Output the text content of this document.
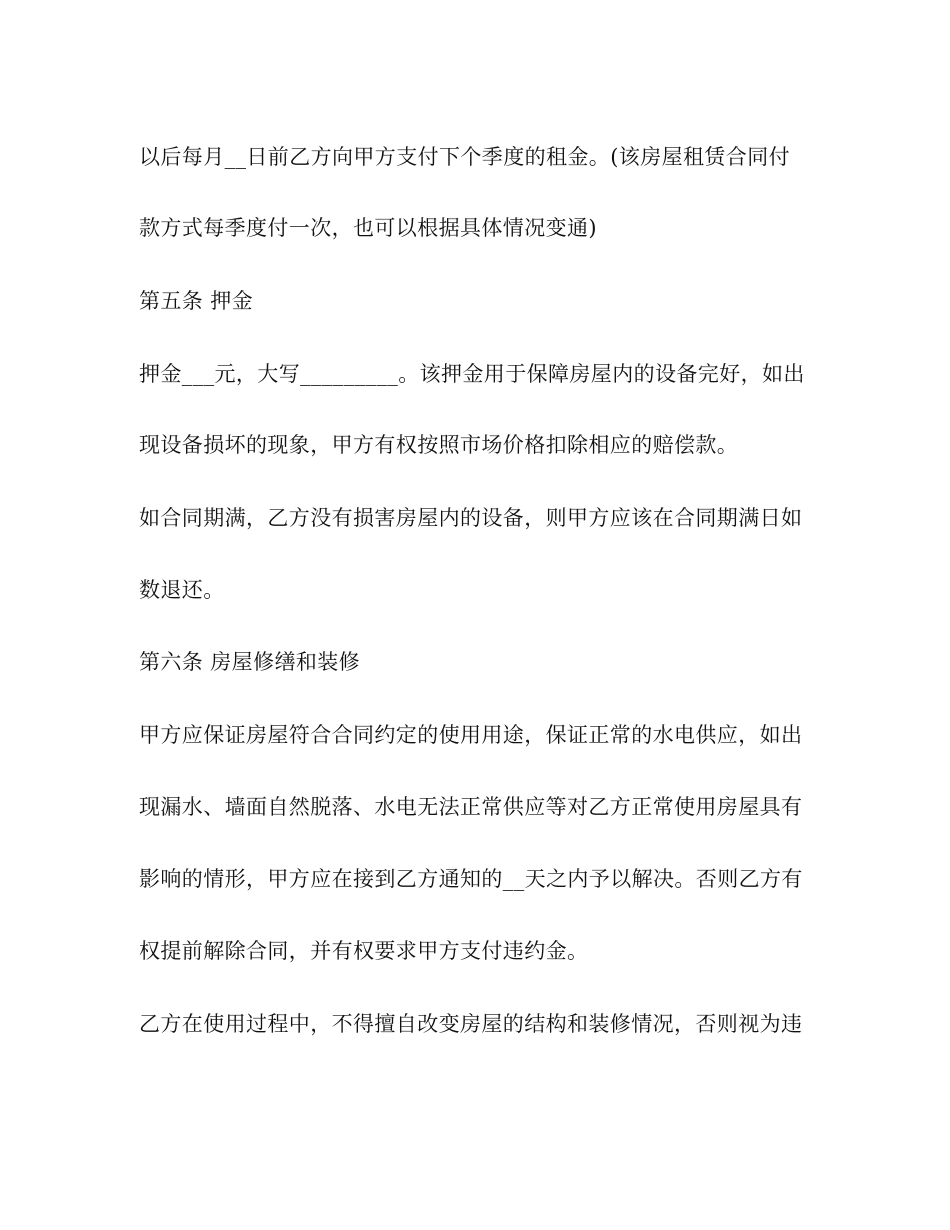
以后每月__日前乙方向甲方支付下个季度的租金。(该房屋租赁合同付
款方式每季度付一次，也可以根据具体情况变通)
第五条 押金
押金___元，大写_________。该押金用于保障房屋内的设备完好，如出
现设备损坏的现象，甲方有权按照市场价格扣除相应的赔偿款。
如合同期满，乙方没有损害房屋内的设备，则甲方应该在合同期满日如
数退还。
第六条 房屋修缮和装修
甲方应保证房屋符合合同约定的使用用途，保证正常的水电供应，如出
现漏水、墙面自然脱落、水电无法正常供应等对乙方正常使用房屋具有
影响的情形，甲方应在接到乙方通知的__天之内予以解决。否则乙方有
权提前解除合同，并有权要求甲方支付违约金。
乙方在使用过程中，不得擅自改变房屋的结构和装修情况，否则视为违
